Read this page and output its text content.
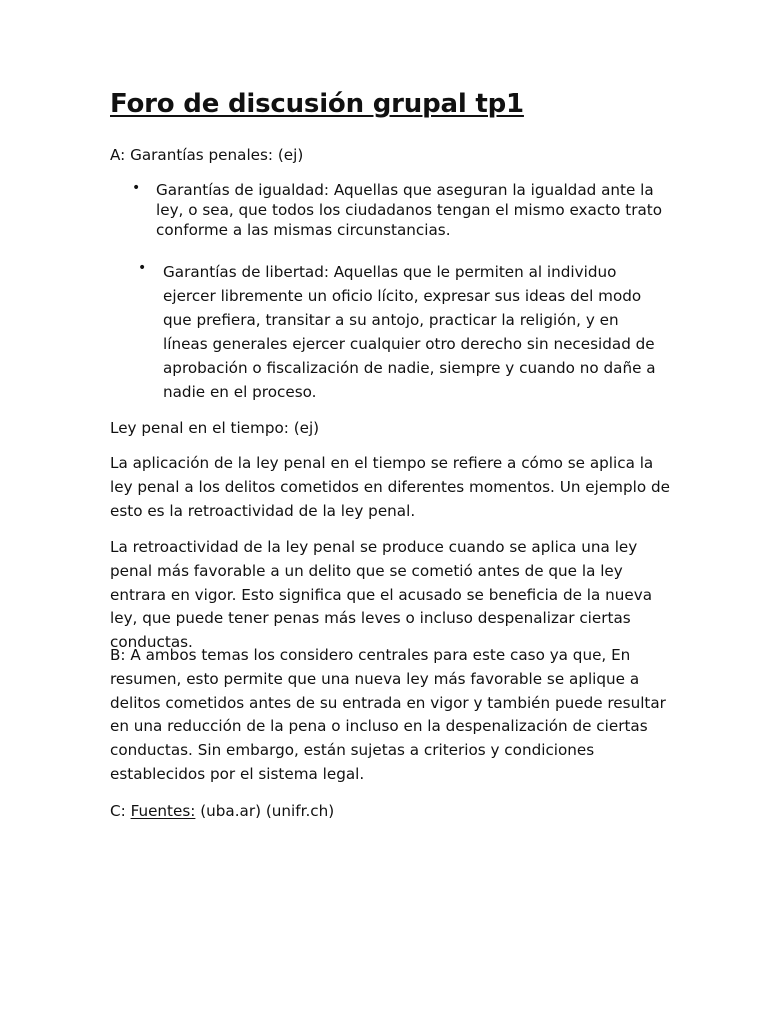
Foro de discusión grupal tp1

A: Garantías penales: (ej)

• Garantías de igualdad: Aquellas que aseguran la igualdad ante la ley, o sea, que todos los ciudadanos tengan el mismo exacto trato conforme a las mismas circunstancias.
• Garantías de libertad: Aquellas que le permiten al individuo ejercer libremente un oficio lícito, expresar sus ideas del modo que prefiera, transitar a su antojo, practicar la religión, y en líneas generales ejercer cualquier otro derecho sin necesidad de aprobación o fiscalización de nadie, siempre y cuando no dañe a nadie en el proceso.

Ley penal en el tiempo: (ej)

La aplicación de la ley penal en el tiempo se refiere a cómo se aplica la ley penal a los delitos cometidos en diferentes momentos. Un ejemplo de esto es la retroactividad de la ley penal.

La retroactividad de la ley penal se produce cuando se aplica una ley penal más favorable a un delito que se cometió antes de que la ley entrara en vigor. Esto significa que el acusado se beneficia de la nueva ley, que puede tener penas más leves o incluso despenalizar ciertas conductas.

B: A ambos temas los considero centrales para este caso ya que, En resumen, esto permite que una nueva ley más favorable se aplique a delitos cometidos antes de su entrada en vigor y también puede resultar en una reducción de la pena o incluso en la despenalización de ciertas conductas. Sin embargo, están sujetas a criterios y condiciones establecidos por el sistema legal.

C: Fuentes: (uba.ar) (unifr.ch)
